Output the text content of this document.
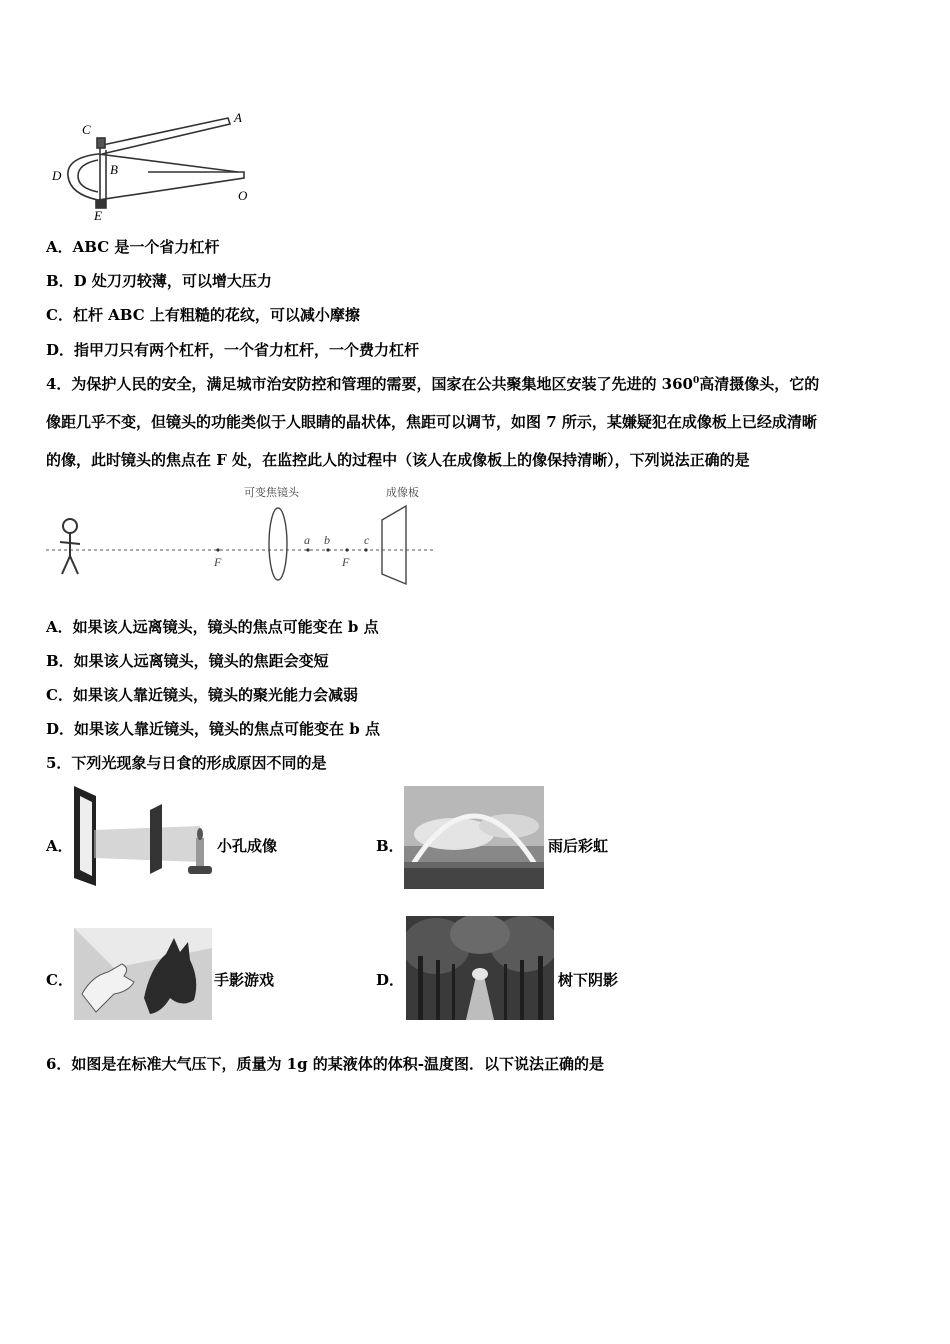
C
A
B
D
E
O
A．ABC 是一个省力杠杆
B．D 处刀刃较薄，可以增大压力
C．杠杆 ABC 上有粗糙的花纹，可以减小摩擦
D．指甲刀只有两个杠杆，一个省力杠杆，一个费力杠杆
4．为保护人民的安全，满足城市治安防控和管理的需要，国家在公共聚集地区安装了先进的 $360^0$高清摄像头，它的
像距几乎不变，但镜头的功能类似于人眼睛的晶状体，焦距可以调节，如图 7 所示，某嫌疑犯在成像板上已经成清晰
的像，此时镜头的焦点在 F 处，在监控此人的过程中（该人在成像板上的像保持清晰），下列说法正确的是
可变焦镜头	成像板
a b	c
F	F
A．如果该人远离镜头，镜头的焦点可能变在 b 点
B．如果该人远离镜头，镜头的焦距会变短
C．如果该人靠近镜头，镜头的聚光能力会减弱
D．如果该人靠近镜头，镜头的焦点可能变在 b 点
5．下列光现象与日食的形成原因不同的是
A．	小孔成像	B．	雨后彩虹
C．	手影游戏	D．	树下阴影
6．如图是在标准大气压下，质量为 1g 的某液体的体积-温度图．以下说法正确的是
